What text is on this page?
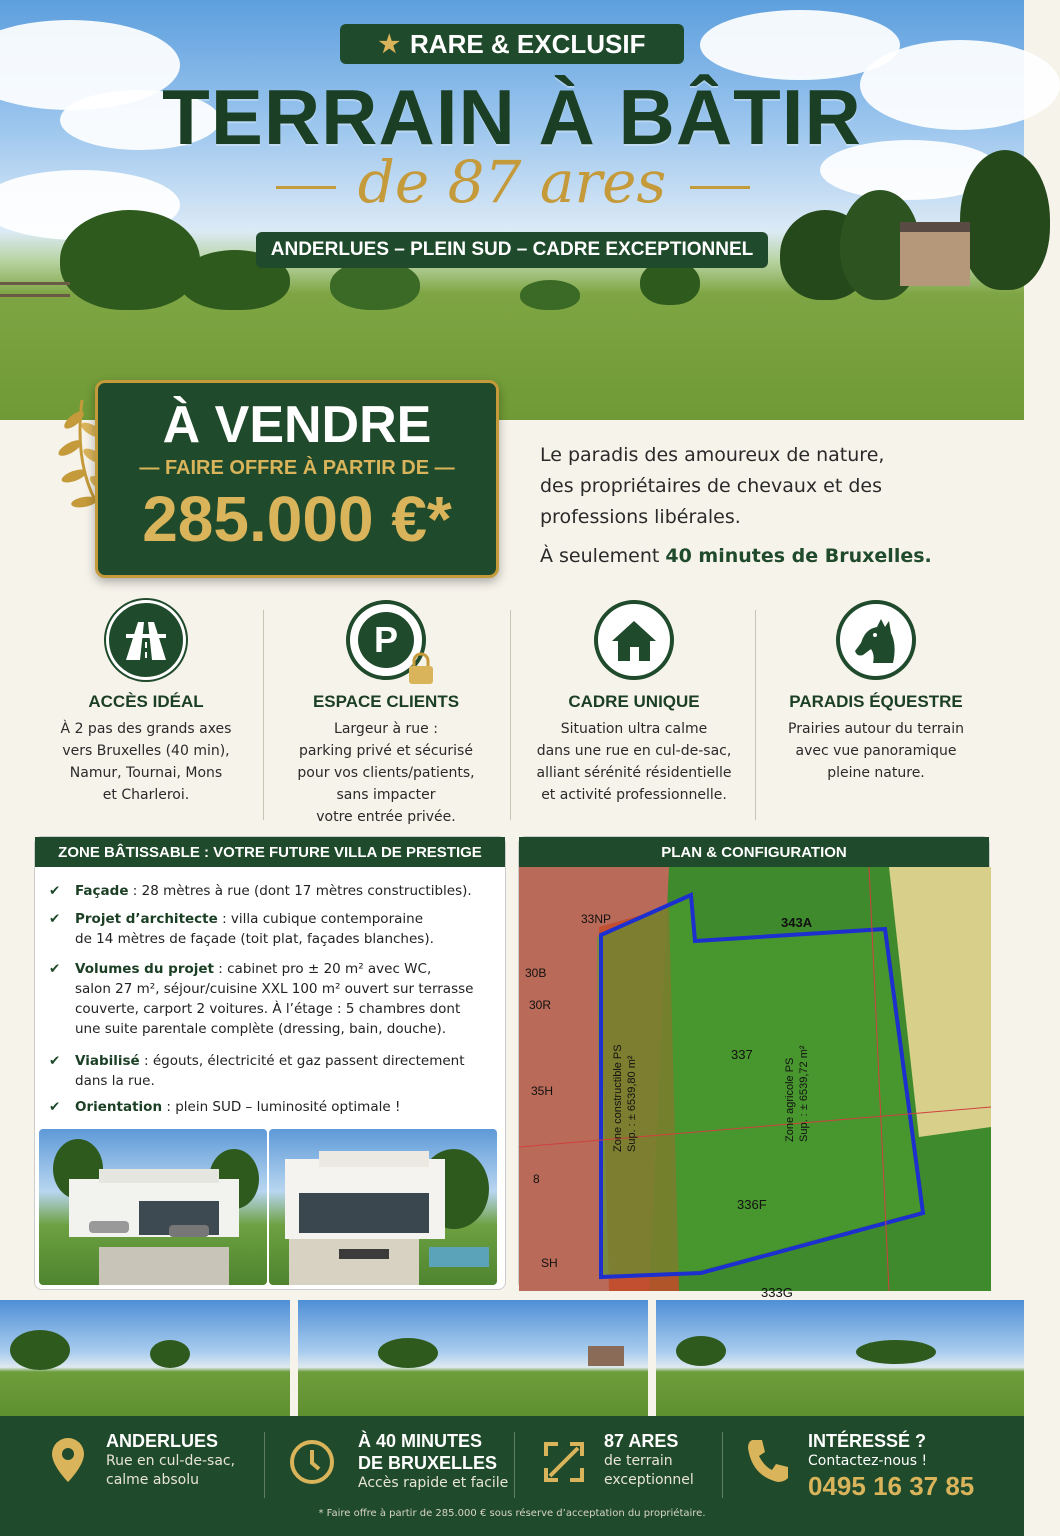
★ RARE & EXCLUSIF
TERRAIN À BÂTIR
de 87 ares
ANDERLUES – PLEIN SUD – CADRE EXCEPTIONNEL
À VENDRE
— FAIRE OFFRE À PARTIR DE —
285.000 €*
Le paradis des amoureux de nature,
des propriétaires de chevaux et des
professions libérales.
À seulement 40 minutes de Bruxelles.
ACCÈS IDÉAL
À 2 pas des grands axes
vers Bruxelles (40 min),
Namur, Tournai, Mons
et Charleroi.
P
ESPACE CLIENTS
Largeur à rue :
parking privé et sécurisé
pour vos clients/patients,
sans impacter
votre entrée privée.
CADRE UNIQUE
Situation ultra calme
dans une rue en cul-de-sac,
alliant sérénité résidentielle
et activité professionnelle.
PARADIS ÉQUESTRE
Prairies autour du terrain
avec vue panoramique
pleine nature.
ZONE BÂTISSABLE : VOTRE FUTURE VILLA DE PRESTIGE
✔ Façade : 28 mètres à rue (dont 17 mètres constructibles).
✔ Projet d’architecte : villa cubique contemporaine
de 14 mètres de façade (toit plat, façades blanches).
✔ Volumes du projet : cabinet pro ± 20 m² avec WC,
salon 27 m², séjour/cuisine XXL 100 m² ouvert sur terrasse
couverte, carport 2 voitures. À l’étage : 5 chambres dont
une suite parentale complète (dressing, bain, douche).
✔ Viabilisé : égouts, électricité et gaz passent directement
dans la rue.
✔ Orientation : plein SUD – luminosité optimale !
PLAN & CONFIGURATION
343A
337
336F
333G
33NP
30B
30R
35H
SH
8
Zone agricole PS Sup. : ± 6539,72 m²
Zone constructible PS Sup. : ± 6539,80 m²
ANDERLUES
Rue en cul-de-sac,
calme absolu
À 40 MINUTES
DE BRUXELLES
Accès rapide et facile
87 ARES
de terrain
exceptionnel
INTÉRESSÉ ?
Contactez-nous !
0495 16 37 85
* Faire offre à partir de 285.000 € sous réserve d’acceptation du propriétaire.
